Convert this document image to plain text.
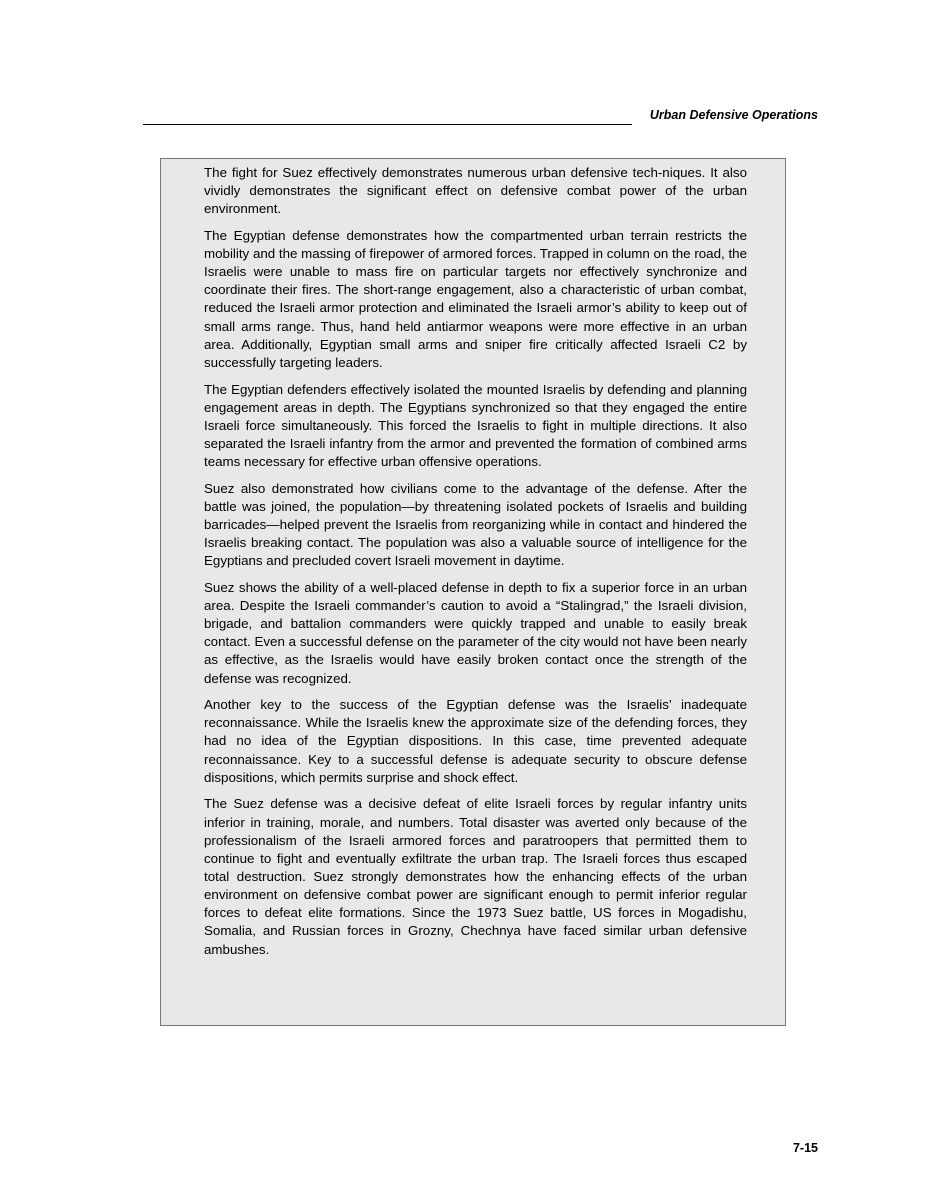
Urban Defensive Operations

The fight for Suez effectively demonstrates numerous urban defensive tech-niques. It also vividly demonstrates the significant effect on defensive combat power of the urban environment.

The Egyptian defense demonstrates how the compartmented urban terrain restricts the mobility and the massing of firepower of armored forces. Trapped in column on the road, the Israelis were unable to mass fire on particular targets nor effectively synchronize and coordinate their fires. The short-range engagement, also a characteristic of urban combat, reduced the Israeli armor protection and eliminated the Israeli armor’s ability to keep out of small arms range. Thus, hand held antiarmor weapons were more effective in an urban area. Additionally, Egyptian small arms and sniper fire critically affected Israeli C2 by successfully targeting leaders.

The Egyptian defenders effectively isolated the mounted Israelis by defending and planning engagement areas in depth. The Egyptians synchronized so that they engaged the entire Israeli force simultaneously. This forced the Israelis to fight in multiple directions. It also separated the Israeli infantry from the armor and prevented the formation of combined arms teams necessary for effective urban offensive operations.

Suez also demonstrated how civilians come to the advantage of the defense. After the battle was joined, the population—by threatening isolated pockets of Israelis and building barricades—helped prevent the Israelis from reorganizing while in contact and hindered the Israelis breaking contact. The population was also a valuable source of intelligence for the Egyptians and precluded covert Israeli movement in daytime.

Suez shows the ability of a well-placed defense in depth to fix a superior force in an urban area. Despite the Israeli commander’s caution to avoid a “Stalingrad,” the Israeli division, brigade, and battalion commanders were quickly trapped and unable to easily break contact. Even a successful defense on the parameter of the city would not have been nearly as effective, as the Israelis would have easily broken contact once the strength of the defense was recognized.

Another key to the success of the Egyptian defense was the Israelis’ inadequate reconnaissance. While the Israelis knew the approximate size of the defending forces, they had no idea of the Egyptian dispositions. In this case, time prevented adequate reconnaissance. Key to a successful defense is adequate security to obscure defense dispositions, which permits surprise and shock effect.

The Suez defense was a decisive defeat of elite Israeli forces by regular infantry units inferior in training, morale, and numbers. Total disaster was averted only because of the professionalism of the Israeli armored forces and paratroopers that permitted them to continue to fight and eventually exfiltrate the urban trap. The Israeli forces thus escaped total destruction. Suez strongly demonstrates how the enhancing effects of the urban environment on defensive combat power are significant enough to permit inferior regular forces to defeat elite formations. Since the 1973 Suez battle, US forces in Mogadishu, Somalia, and Russian forces in Grozny, Chechnya have faced similar urban defensive ambushes.

7-15
